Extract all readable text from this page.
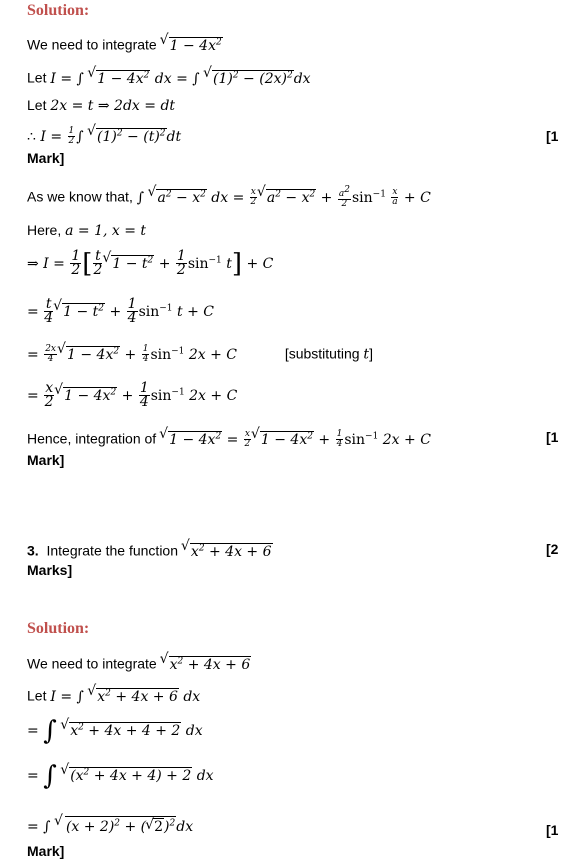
Solution:
We need to integrate √ $1 - 4x^2$
Let I = ∫ √ $1 - 4x^2$ dx = ∫ √ $(1)^2 - (2x)^2dx$
Let 2x = t ⇒ 2dx = dt
∴ $I = \frac{1}{2}$ ∫ √ $(1)^2 - (t)^2dt$	[1
Mark]
As we know that, ∫ √ $a^2 - x^2$ dx = $\frac{x}{2}$ √ $a^2 - x^2 + \frac{a^2}{2} \sin^{-1} \frac{x}{a} + C$
Here, a = 1, x = t
⇒ $I = \frac{1}{2}$ [ $\frac{t}{2}$ √ $1 - t^2 + \frac{1}{2} \sin^{-1} t] + C$
= $\frac{t}{4}$ √ $1 - t^2 + \frac{1}{4} \sin^{-1} t + C$
= $\frac{2x}{4}$ √ $1 - 4x^2 + \frac{1}{4} \sin^{-1} 2x + C$	[substituting t]
= $\frac{x}{2}$ √ $1 - 4x^2 + \frac{1}{4} \sin^{-1} 2x + C$
Hence, integration of √ $1 - 4x^2 = \frac{x}{2}$ √ $1 - 4x^2 + \frac{1}{4} \sin^{-1} 2x + C$	[1
Mark]
3. Integrate the function √ $x^2 + 4x + 6$	[2
Marks]
Solution:
We need to integrate √ $x^2 + 4x + 6$
Let I = ∫ √ $x^2 + 4x + 6$ dx
= ∫ √ $x^2 + 4x + 4 + 2$ dx
= ∫ √ $(x^2 + 4x + 4) + 2$ dx
= ∫ √ $(x + 2)^2$ + ( √ 2)$^2$dx	[1
Mark]
